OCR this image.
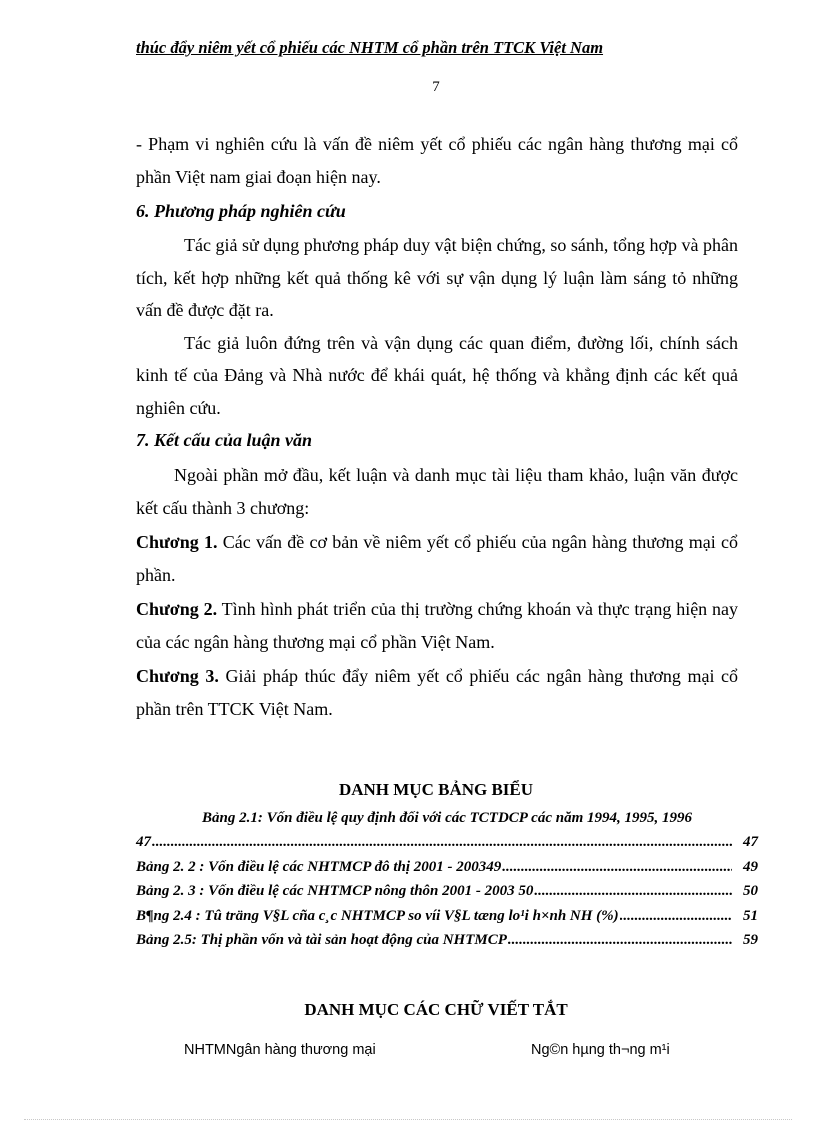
thúc đẩy niêm yết cổ phiếu các NHTM cổ phần trên TTCK Việt Nam
7

- Phạm vi nghiên cứu là vấn đề niêm yết cổ phiếu các ngân hàng thương mại cổ phần Việt nam giai đoạn hiện nay.

6. Phương pháp nghiên cứu

Tác giả sử dụng phương pháp duy vật biện chứng, so sánh, tổng hợp và phân tích, kết hợp những kết quả thống kê với sự vận dụng lý luận làm sáng tỏ những vấn đề được đặt ra.

Tác giả luôn đứng trên và vận dụng các quan điểm, đường lối, chính sách kinh tế của Đảng và Nhà nước để khái quát, hệ thống và khẳng định các kết quả nghiên cứu.

7. Kết cấu của luận văn

Ngoài phần mở đầu, kết luận và danh mục tài liệu tham khảo, luận văn được kết cấu thành 3 chương:

Chương 1. Các vấn đề cơ bản về niêm yết cổ phiếu của ngân hàng thương mại cổ phần.

Chương 2. Tình hình phát triển của thị trường chứng khoán và thực trạng hiện nay của các ngân hàng thương mại cổ phần Việt Nam.

Chương 3. Giải pháp thúc đẩy niêm yết cổ phiếu các ngân hàng thương mại cổ phần trên TTCK Việt Nam.

DANH MỤC BẢNG BIỂU
Bảng 2.1: Vốn điều lệ quy định đối với các TCTDCP các năm 1994, 1995, 1996
47 .....	47
Bảng 2. 2 : Vốn điều lệ các NHTMCP đô thị 2001 - 200349 .....	49
Bảng 2. 3 : Vốn điều lệ các NHTMCP nông thôn 2001 - 2003 50 .....	50
B¶ng 2.4 : Tû träng V§L cña c¸c NHTMCP so víi V§L tæng lo¹i h×nh NH (%) .....	51
Bảng 2.5: Thị phần vốn và tài sản hoạt động của NHTMCP .....	59
DANH MỤC CÁC CHỮ VIẾT TẮT
NHTMNgân hàng thương mại	Ng©n hµng th¬ng m¹i
